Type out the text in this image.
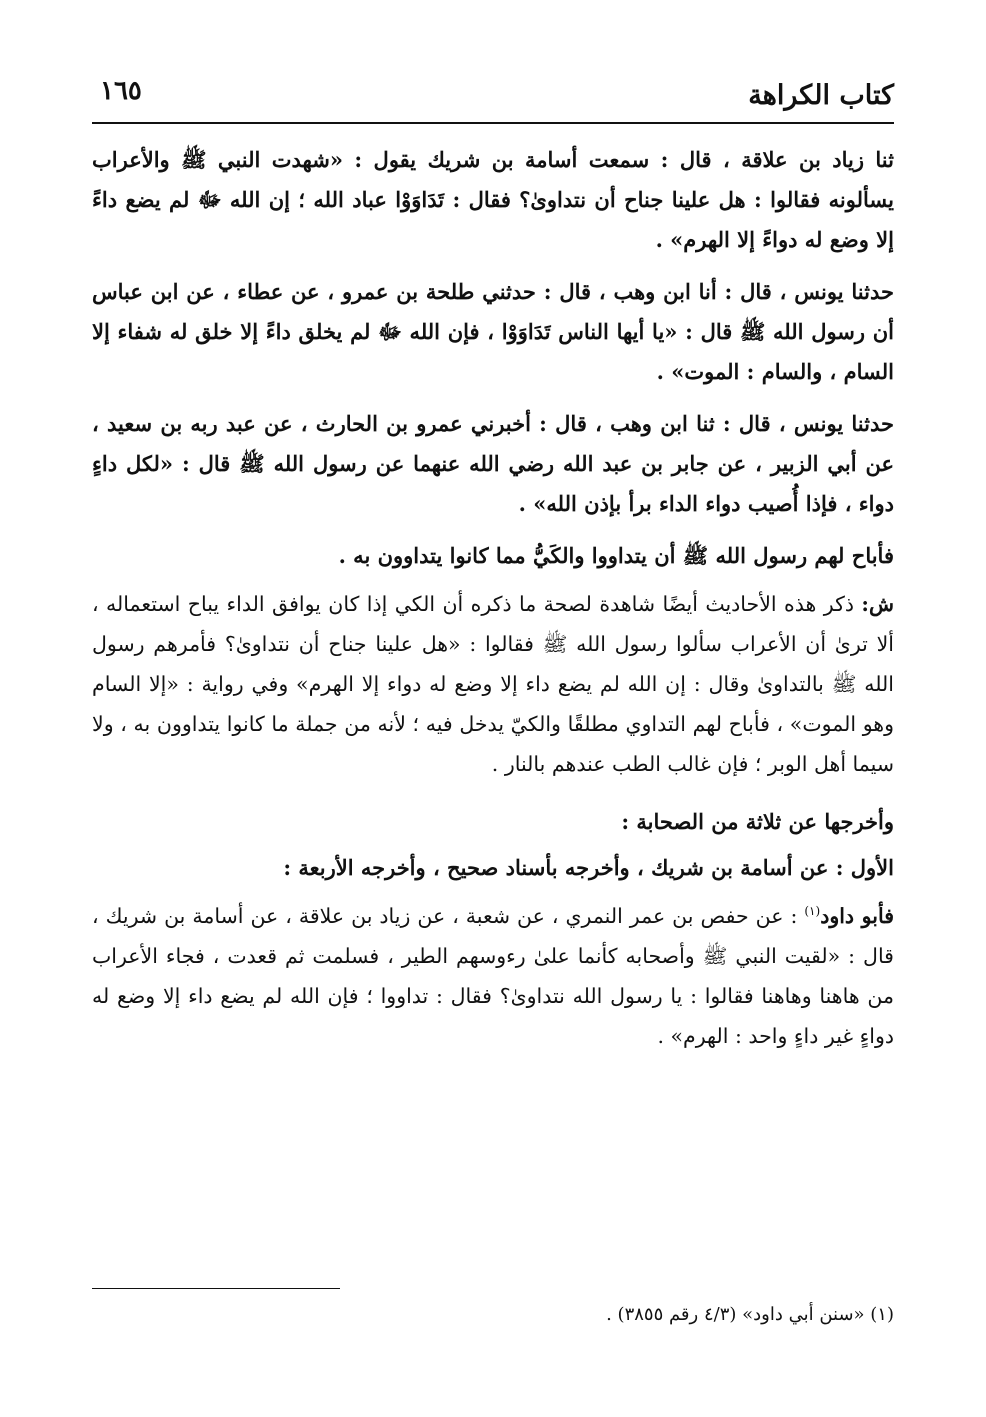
كتاب الكراهة
١٦٥

ثنا زياد بن علاقة ، قال : سمعت أسامة بن شريك يقول : «شهدت النبي ﷺ والأعراب يسألونه فقالوا : هل علينا جناح أن نتداوىٰ؟ فقال : تَدَاوَوْا عباد الله ؛ إن الله ﷻ لم يضع داءً إلا وضع له دواءً إلا الهرم» .

حدثنا يونس ، قال : أنا ابن وهب ، قال : حدثني طلحة بن عمرو ، عن عطاء ، عن ابن عباس أن رسول الله ﷺ قال : «يا أيها الناس تَدَاوَوْا ، فإن الله ﷻ لم يخلق داءً إلا خلق له شفاء إلا السام ، والسام : الموت» .

حدثنا يونس ، قال : ثنا ابن وهب ، قال : أخبرني عمرو بن الحارث ، عن عبد ربه بن سعيد ، عن أبي الزبير ، عن جابر بن عبد الله رضي الله عنهما عن رسول الله ﷺ قال : «لكل داءٍ دواء ، فإذا أُصيب دواء الداء برأ بإذن الله» .

فأباح لهم رسول الله ﷺ أن يتداووا والكَيُّ مما كانوا يتداوون به .

ش: ذكر هذه الأحاديث أيضًا شاهدة لصحة ما ذكره أن الكي إذا كان يوافق الداء يباح استعماله ، ألا ترىٰ أن الأعراب سألوا رسول الله ﷺ فقالوا : «هل علينا جناح أن نتداوىٰ؟ فأمرهم رسول الله ﷺ بالتداوىٰ وقال : إن الله لم يضع داء إلا وضع له دواء إلا الهرم» وفي رواية : «إلا السام وهو الموت» ، فأباح لهم التداوي مطلقًا والكيّ يدخل فيه ؛ لأنه من جملة ما كانوا يتداوون به ، ولا سيما أهل الوبر ؛ فإن غالب الطب عندهم بالنار .

وأخرجها عن ثلاثة من الصحابة :

الأول : عن أسامة بن شريك ، وأخرجه بأسناد صحيح ، وأخرجه الأربعة :

فأبو داود$^{(١)}$ : عن حفص بن عمر النمري ، عن شعبة ، عن زياد بن علاقة ، عن أسامة بن شريك ، قال : «لقيت النبي ﷺ وأصحابه كأنما علىٰ رءوسهم الطير ، فسلمت ثم قعدت ، فجاء الأعراب من هاهنا وهاهنا فقالوا : يا رسول الله نتداوىٰ؟ فقال : تداووا ؛ فإن الله لم يضع داء إلا وضع له دواءٍ غير داءٍ واحد : الهرم» .

(١) «سنن أبي داود» (٤/٣ رقم ٣٨٥٥) .
